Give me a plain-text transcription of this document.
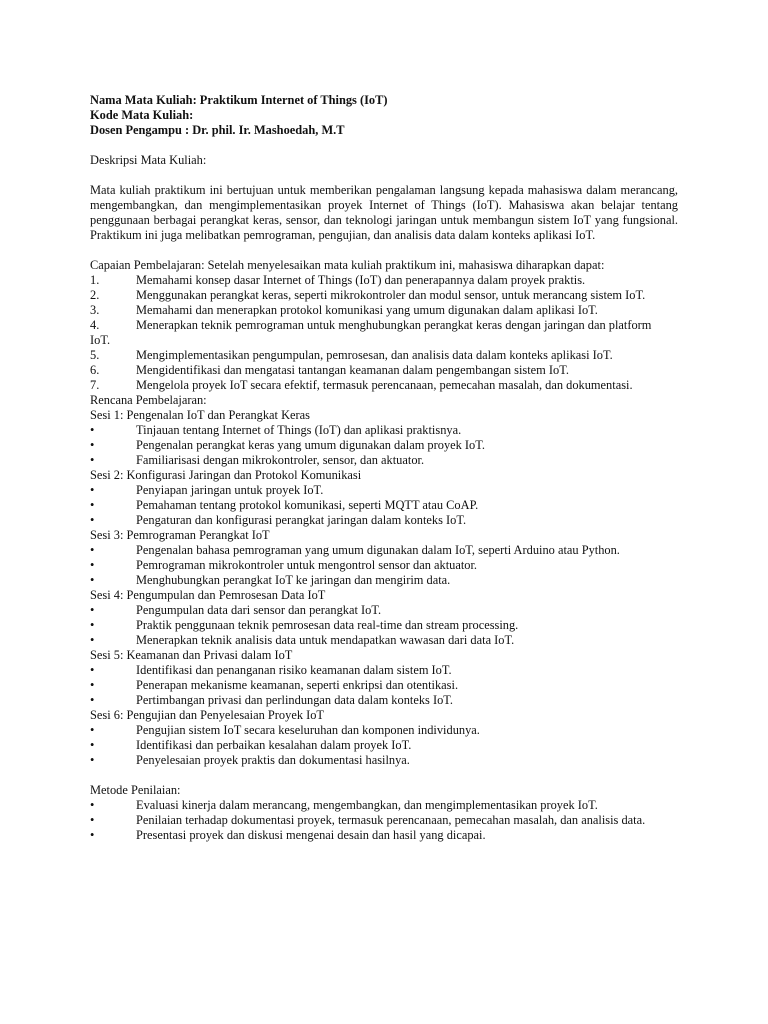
Nama Mata Kuliah: Praktikum Internet of Things (IoT)
Kode Mata Kuliah:
Dosen Pengampu : Dr. phil. Ir. Mashoedah, M.T
Deskripsi Mata Kuliah:
Mata kuliah praktikum ini bertujuan untuk memberikan pengalaman langsung kepada mahasiswa dalam merancang, mengembangkan, dan mengimplementasikan proyek Internet of Things (IoT). Mahasiswa akan belajar tentang penggunaan berbagai perangkat keras, sensor, dan teknologi jaringan untuk membangun sistem IoT yang fungsional. Praktikum ini juga melibatkan pemrograman, pengujian, dan analisis data dalam konteks aplikasi IoT.
Capaian Pembelajaran: Setelah menyelesaikan mata kuliah praktikum ini, mahasiswa diharapkan dapat:
1.	Memahami konsep dasar Internet of Things (IoT) dan penerapannya dalam proyek praktis.
2.	Menggunakan perangkat keras, seperti mikrokontroler dan modul sensor, untuk merancang sistem IoT.
3.	Memahami dan menerapkan protokol komunikasi yang umum digunakan dalam aplikasi IoT.
4.	Menerapkan teknik pemrograman untuk menghubungkan perangkat keras dengan jaringan dan platform
IoT.
5.	Mengimplementasikan pengumpulan, pemrosesan, dan analisis data dalam konteks aplikasi IoT.
6.	Mengidentifikasi dan mengatasi tantangan keamanan dalam pengembangan sistem IoT.
7.	Mengelola proyek IoT secara efektif, termasuk perencanaan, pemecahan masalah, dan dokumentasi.
Rencana Pembelajaran:
Sesi 1: Pengenalan IoT dan Perangkat Keras
•	Tinjauan tentang Internet of Things (IoT) dan aplikasi praktisnya.
•	Pengenalan perangkat keras yang umum digunakan dalam proyek IoT.
•	Familiarisasi dengan mikrokontroler, sensor, dan aktuator.
Sesi 2: Konfigurasi Jaringan dan Protokol Komunikasi
•	Penyiapan jaringan untuk proyek IoT.
•	Pemahaman tentang protokol komunikasi, seperti MQTT atau CoAP.
•	Pengaturan dan konfigurasi perangkat jaringan dalam konteks IoT.
Sesi 3: Pemrograman Perangkat IoT
•	Pengenalan bahasa pemrograman yang umum digunakan dalam IoT, seperti Arduino atau Python.
•	Pemrograman mikrokontroler untuk mengontrol sensor dan aktuator.
•	Menghubungkan perangkat IoT ke jaringan dan mengirim data.
Sesi 4: Pengumpulan dan Pemrosesan Data IoT
•	Pengumpulan data dari sensor dan perangkat IoT.
•	Praktik penggunaan teknik pemrosesan data real-time dan stream processing.
•	Menerapkan teknik analisis data untuk mendapatkan wawasan dari data IoT.
Sesi 5: Keamanan dan Privasi dalam IoT
•	Identifikasi dan penanganan risiko keamanan dalam sistem IoT.
•	Penerapan mekanisme keamanan, seperti enkripsi dan otentikasi.
•	Pertimbangan privasi dan perlindungan data dalam konteks IoT.
Sesi 6: Pengujian dan Penyelesaian Proyek IoT
•	Pengujian sistem IoT secara keseluruhan dan komponen individunya.
•	Identifikasi dan perbaikan kesalahan dalam proyek IoT.
•	Penyelesaian proyek praktis dan dokumentasi hasilnya.
Metode Penilaian:
•	Evaluasi kinerja dalam merancang, mengembangkan, dan mengimplementasikan proyek IoT.
•	Penilaian terhadap dokumentasi proyek, termasuk perencanaan, pemecahan masalah, dan analisis data.
•	Presentasi proyek dan diskusi mengenai desain dan hasil yang dicapai.
